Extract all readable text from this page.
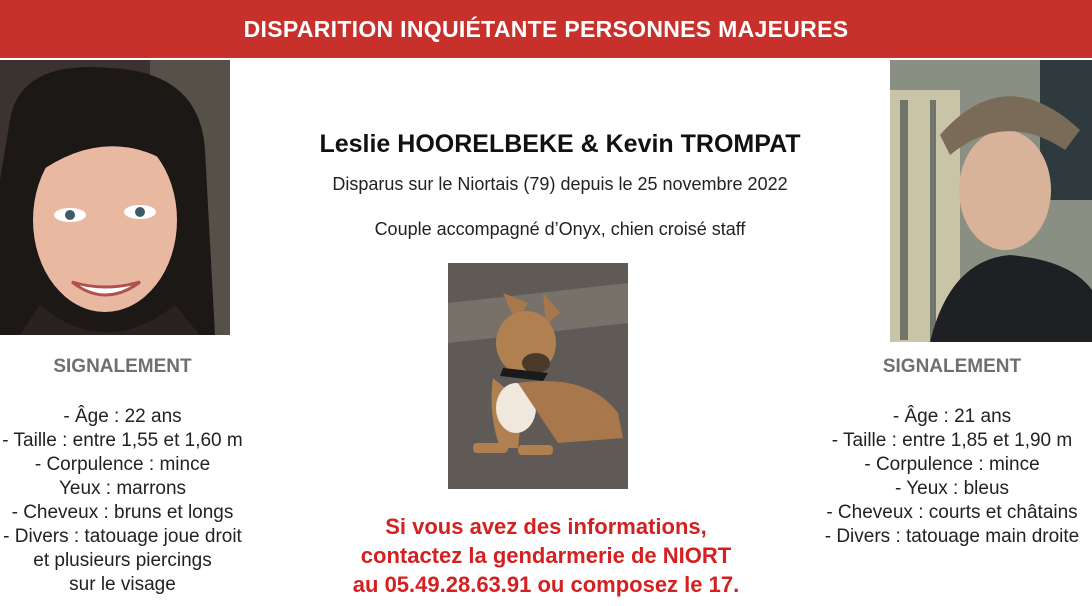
DISPARITION INQUIÉTANTE PERSONNES MAJEURES
Leslie HOORELBEKE & Kevin TROMPAT
Disparus sur le Niortais (79) depuis le 25 novembre 2022
Couple accompagné d’Onyx, chien croisé staff
SIGNALEMENT
- Âge : 22 ans
- Taille : entre 1,55 et 1,60 m
- Corpulence : mince
Yeux : marrons
- Cheveux : bruns et longs
- Divers : tatouage joue droit
et plusieurs piercings
sur le visage
SIGNALEMENT
- Âge : 21 ans
- Taille : entre 1,85 et 1,90 m
- Corpulence : mince
- Yeux : bleus
- Cheveux : courts et châtains
- Divers : tatouage main droite
Si vous avez des informations,
contactez la gendarmerie de NIORT
au 05.49.28.63.91 ou composez le 17.
